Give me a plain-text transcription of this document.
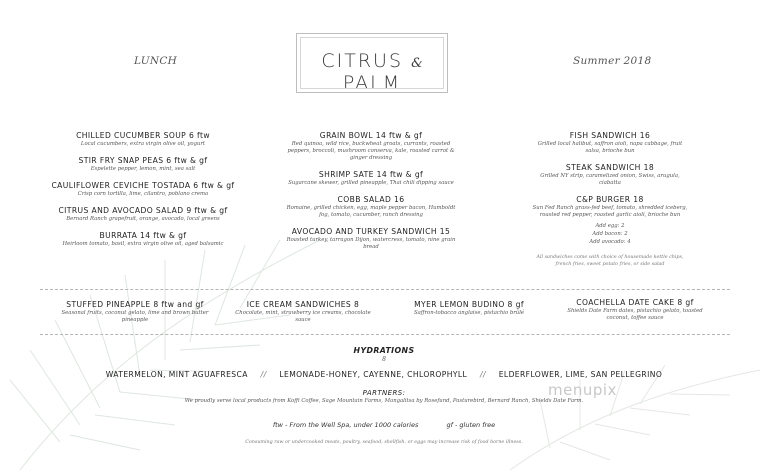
LUNCH	Summer 2018
CITRUS & PALM
CHILLED CUCUMBER SOUP 6 ftw
Local cucumbers, extra virgin olive oil, yogurt
STIR FRY SNAP PEAS 6 ftw & gf
Espelette pepper, lemon, mint, sea salt
CAULIFLOWER CEVICHE TOSTADA 6 ftw & gf
Crisp corn tortilla, lime, cilantro, poblano crema
CITRUS AND AVOCADO SALAD 9 ftw & gf
Bernard Ranch grapefruit, orange, avocado, local greens
BURRATA 14 ftw & gf
Heirloom tomato, basil, extra virgin olive oil, aged balsamic
GRAIN BOWL 14 ftw & gf
Red quinoa, wild rice, buckwheat groats, currants, roasted peppers, broccoli, mushroom conserva, kale, roasted carrot & ginger dressing
SHRIMP SATE 14 ftw & gf
Sugarcane skewer, grilled pineapple, Thai chili dipping sauce
COBB SALAD 16
Romaine, grilled chicken, egg, maple pepper bacon, Humboldt fog, tomato, cucumber, ranch dressing
AVOCADO AND TURKEY SANDWICH 15
Roasted turkey, tarragon Dijon, watercress, tomato, nine grain bread
FISH SANDWICH 16
Grilled local halibut, saffron aioli, napa cabbage, fruit salsa, brioche bun
STEAK SANDWICH 18
Grilled NY strip, caramelized onion, Swiss, arugula, ciabatta
C&P BURGER 18
Sun Fed Ranch grass-fed beef, tomato, shredded iceberg, roasted red pepper, roasted garlic aioli, brioche bun
Add egg: 2
Add bacon: 2
Add avocado: 4
All sandwiches come with choice of housemade kettle chips, french fries, sweet potato fries, or side salad
STUFFED PINEAPPLE 8 ftw and gf
Seasonal fruits, coconut gelato, lime and brown butter pineapple
ICE CREAM SANDWICHES 8
Chocolate, mint, strawberry ice creams, chocolate sauce
MYER LEMON BUDINO 8 gf
Saffron-tobacco anglaise, pistachio brûlé
COACHELLA DATE CAKE 8 gf
Shields Date Farm dates, pistachio gelato, toasted coconut, toffee sauce
HYDRATIONS
8
WATERMELON, MINT AGUAFRESCA // LEMONADE-HONEY, CAYENNE, CHLOROPHYLL // ELDERFLOWER, LIME, SAN PELLEGRINO
PARTNERS:
We proudly serve local products from Koffi Coffee, Sage Mountain Farms, Mangalitsa by Rosefund, Pasturebird, Bernard Ranch, Shields Date Farm.
ftw - From the Well Spa, under 1000 calories	gf - gluten free
Consuming raw or undercooked meats, poultry, seafood, shellfish, or eggs may increase risk of food borne illness.
menupix
